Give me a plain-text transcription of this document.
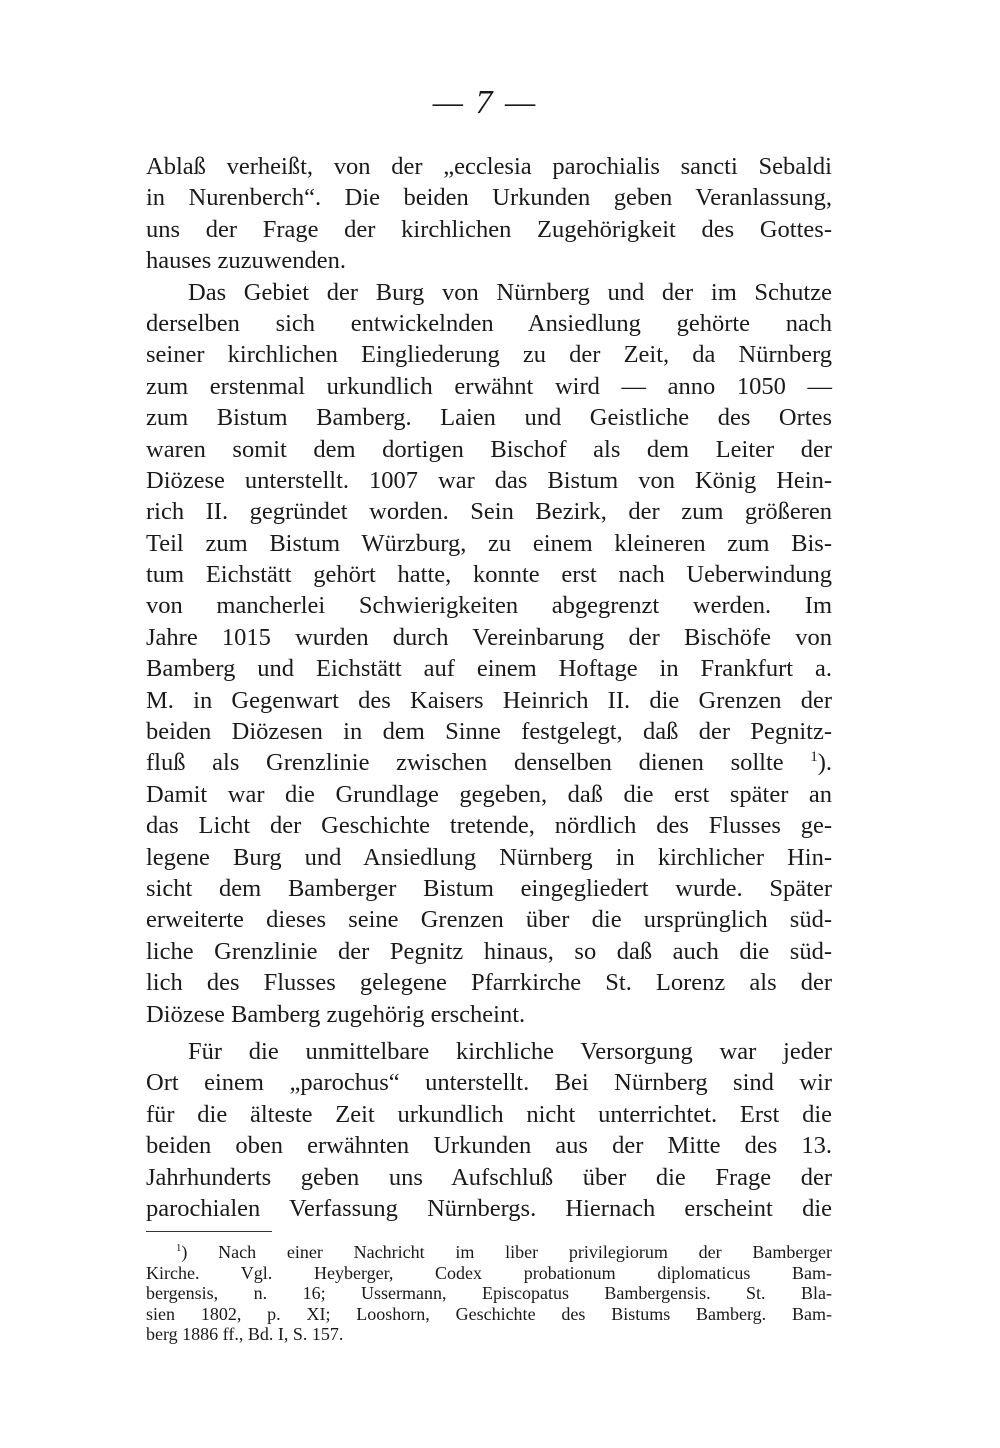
— 7 —
Ablaß verheißt, von der „ecclesia parochialis sancti Sebaldi
in Nurenberch“. Die beiden Urkunden geben Veranlassung,
uns der Frage der kirchlichen Zugehörigkeit des Gottes-
hauses zuzuwenden.
Das Gebiet der Burg von Nürnberg und der im Schutze
derselben sich entwickelnden Ansiedlung gehörte nach
seiner kirchlichen Eingliederung zu der Zeit, da Nürnberg
zum erstenmal urkundlich erwähnt wird — anno 1050 —
zum Bistum Bamberg. Laien und Geistliche des Ortes
waren somit dem dortigen Bischof als dem Leiter der
Diözese unterstellt. 1007 war das Bistum von König Hein-
rich II. gegründet worden. Sein Bezirk, der zum größeren
Teil zum Bistum Würzburg, zu einem kleineren zum Bis-
tum Eichstätt gehört hatte, konnte erst nach Ueberwindung
von mancherlei Schwierigkeiten abgegrenzt werden. Im
Jahre 1015 wurden durch Vereinbarung der Bischöfe von
Bamberg und Eichstätt auf einem Hoftage in Frankfurt a.
M. in Gegenwart des Kaisers Heinrich II. die Grenzen der
beiden Diözesen in dem Sinne festgelegt, daß der Pegnitz-
fluß als Grenzlinie zwischen denselben dienen sollte $^1$).
Damit war die Grundlage gegeben, daß die erst später an
das Licht der Geschichte tretende, nördlich des Flusses ge-
legene Burg und Ansiedlung Nürnberg in kirchlicher Hin-
sicht dem Bamberger Bistum eingegliedert wurde. Später
erweiterte dieses seine Grenzen über die ursprünglich süd-
liche Grenzlinie der Pegnitz hinaus, so daß auch die süd-
lich des Flusses gelegene Pfarrkirche St. Lorenz als der
Diözese Bamberg zugehörig erscheint.
Für die unmittelbare kirchliche Versorgung war jeder
Ort einem „parochus“ unterstellt. Bei Nürnberg sind wir
für die älteste Zeit urkundlich nicht unterrichtet. Erst die
beiden oben erwähnten Urkunden aus der Mitte des 13.
Jahrhunderts geben uns Aufschluß über die Frage der
parochialen Verfassung Nürnbergs. Hiernach erscheint die
$^1$) Nach einer Nachricht im liber privilegiorum der Bamberger
Kirche. Vgl. Heyberger, Codex probationum diplomaticus Bam-
bergensis, n. 16; Ussermann, Episcopatus Bambergensis. St. Bla-
sien 1802, p. XI; Looshorn, Geschichte des Bistums Bamberg. Bam-
berg 1886 ff., Bd. I, S. 157.
